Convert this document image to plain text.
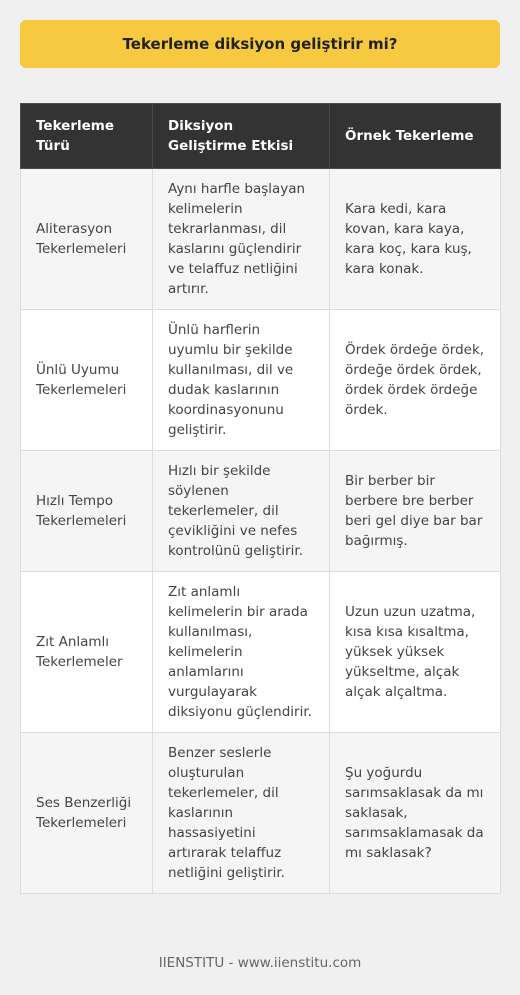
Tekerleme diksiyon geliştirir mi?
Tekerleme Türü	Diksiyon Geliştirme Etkisi	Örnek Tekerleme
Aliterasyon Tekerlemeleri	Aynı harfle başlayan kelimelerin tekrarlanması, dil kaslarını güçlendirir ve telaffuz netliğini artırır.	Kara kedi, kara kovan, kara kaya, kara koç, kara kuş, kara konak.
Ünlü Uyumu Tekerlemeleri	Ünlü harflerin uyumlu bir şekilde kullanılması, dil ve dudak kaslarının koordinasyonunu geliştirir.	Ördek ördeğe ördek, ördeğe ördek ördek, ördek ördek ördeğe ördek.
Hızlı Tempo Tekerlemeleri	Hızlı bir şekilde söylenen tekerlemeler, dil çevikliğini ve nefes kontrolünü geliştirir.	Bir berber bir berbere bre berber beri gel diye bar bar bağırmış.
Zıt Anlamlı Tekerlemeler	Zıt anlamlı kelimelerin bir arada kullanılması, kelimelerin anlamlarını vurgulayarak diksiyonu güçlendirir.	Uzun uzun uzatma, kısa kısa kısaltma, yüksek yüksek yükseltme, alçak alçak alçaltma.
Ses Benzerliği Tekerlemeleri	Benzer seslerle oluşturulan tekerlemeler, dil kaslarının hassasiyetini artırarak telaffuz netliğini geliştirir.	Şu yoğurdu sarımsaklasak da mı saklasak, sarımsaklamasak da mı saklasak?
IIENSTITU - www.iienstitu.com
